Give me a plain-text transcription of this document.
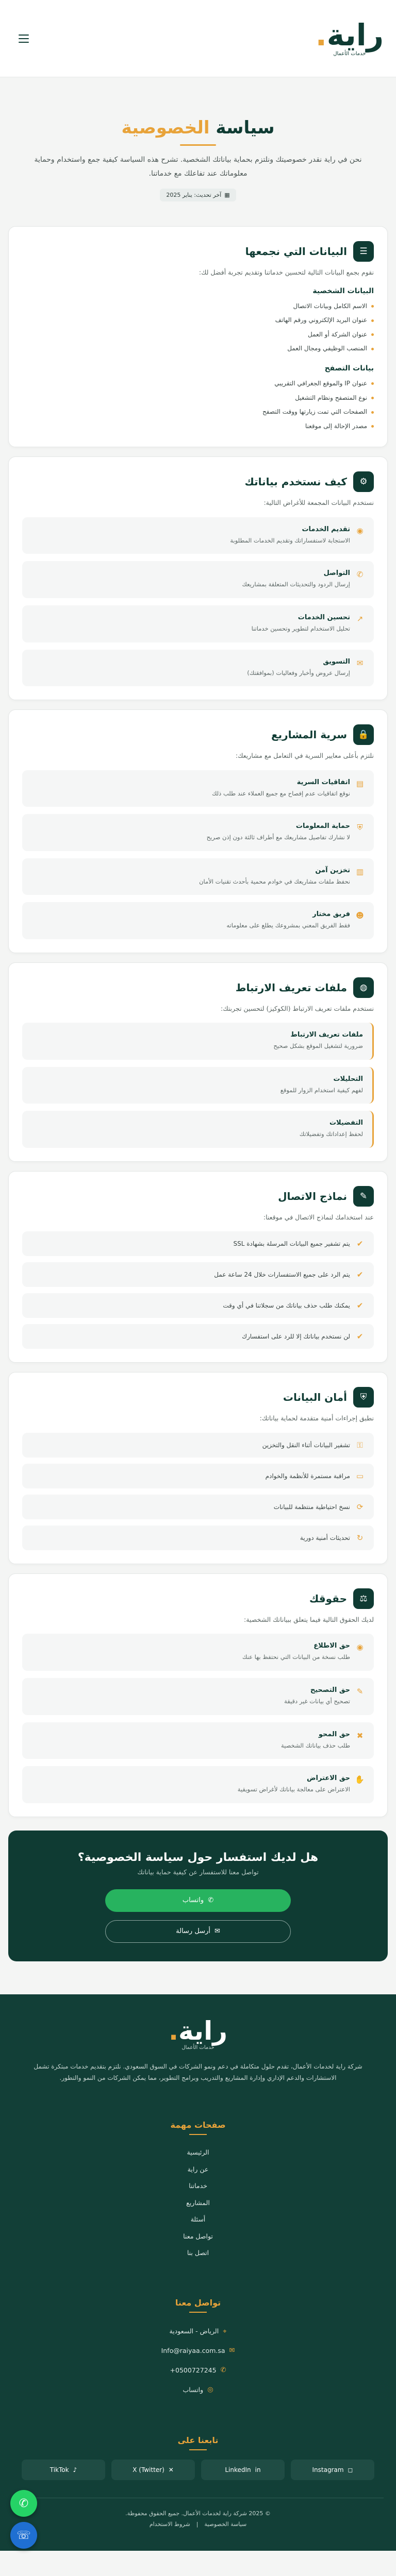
راية.
خدمات الأعمال
سياسة الخصوصية

نحن في راية نقدر خصوصيتك ونلتزم بحماية بياناتك الشخصية. تشرح هذه السياسة كيفية جمع واستخدام وحماية معلوماتك عند تفاعلك مع خدماتنا.

▦
آخر تحديث: يناير 2025
☰
البيانات التي نجمعها
نقوم بجمع البيانات التالية لتحسين خدماتنا وتقديم تجربة أفضل لك:
البيانات الشخصية
الاسم الكامل وبيانات الاتصال
عنوان البريد الإلكتروني ورقم الهاتف
عنوان الشركة أو العمل
المنصب الوظيفي ومجال العمل
بيانات التصفح
عنوان IP والموقع الجغرافي التقريبي
نوع المتصفح ونظام التشغيل
الصفحات التي تمت زيارتها ووقت التصفح
مصدر الإحالة إلى موقعنا
⚙
كيف نستخدم بياناتك
نستخدم البيانات المجمعة للأغراض التالية:
◉
تقديم الخدمات
الاستجابة لاستفساراتك وتقديم الخدمات المطلوبة
✆
التواصل
إرسال الردود والتحديثات المتعلقة بمشاريعك
↗
تحسين الخدمات
تحليل الاستخدام لتطوير وتحسين خدماتنا
✉
التسويق
إرسال عروض وأخبار وفعاليات (بموافقتك)
🔒
سرية المشاريع
نلتزم بأعلى معايير السرية في التعامل مع مشاريعك:
▤
اتفاقيات السرية
نوقع اتفاقيات عدم إفصاح مع جميع العملاء عند طلب ذلك
⛨
حماية المعلومات
لا نشارك تفاصيل مشاريعك مع أطراف ثالثة دون إذن صريح
▥
تخزين آمن
نحفظ ملفات مشاريعك في خوادم محمية بأحدث تقنيات الأمان
☻
فريق مختار
فقط الفريق المعني بمشروعك يطلع على معلوماته
◍
ملفات تعريف الارتباط
نستخدم ملفات تعريف الارتباط (الكوكيز) لتحسين تجربتك:
ملفات تعريف الارتباط
ضرورية لتشغيل الموقع بشكل صحيح
التحليلات
لفهم كيفية استخدام الزوار للموقع
التفضيلات
لحفظ إعداداتك وتفضيلاتك
✎
نماذج الاتصال
عند استخدامك لنماذج الاتصال في موقعنا:
✔
يتم تشفير جميع البيانات المرسلة بشهادة SSL
✔
يتم الرد على جميع الاستفسارات خلال 24 ساعة عمل
✔
يمكنك طلب حذف بياناتك من سجلاتنا في أي وقت
✔
لن نستخدم بياناتك إلا للرد على استفسارك
⛨
أمان البيانات
نطبق إجراءات أمنية متقدمة لحماية بياناتك:
⚿
تشفير البيانات أثناء النقل والتخزين
▭
مراقبة مستمرة للأنظمة والخوادم
⟳
نسخ احتياطية منتظمة للبيانات
↻
تحديثات أمنية دورية
⚖
حقوقك
لديك الحقوق التالية فيما يتعلق ببياناتك الشخصية:
◉
حق الاطلاع
طلب نسخة من البيانات التي نحتفظ بها عنك
✎
حق التصحيح
تصحيح أي بيانات غير دقيقة
✖
حق المحو
طلب حذف بياناتك الشخصية
✋
حق الاعتراض
الاعتراض على معالجة بياناتك لأغراض تسويقية
هل لديك استفسار حول سياسة الخصوصية؟

تواصل معنا للاستفسار عن كيفية حماية بياناتك

✆
واتساب
✉
أرسل رسالة
راية.
خدمات الأعمال

شركة راية لخدمات الأعمال، تقدم حلول متكاملة في دعم ونمو الشركات في السوق السعودي. نلتزم بتقديم خدمات مبتكرة تشمل الاستشارات والدعم الإداري وإدارة المشاريع والتدريب وبرامج التطوير، مما يمكن الشركات من النمو والتطور.

صفحات مهمة
الرئيسية
عن راية
خدماتنا
المشاريع
أسئلة
تواصل معنا
اتصل بنا
تواصل معنا
⌖
الرياض - السعودية
✉
Info@raiyaa.com.sa
✆
0500727245+
◎
واتساب
تابعنا على
◻
Instagram
in
LinkedIn
✕
X (Twitter)
♪
TikTok
© 2025 شركة راية لخدمات الأعمال. جميع الحقوق محفوظة.
سياسة الخصوصية
|
شروط الاستخدام
✆
☏
